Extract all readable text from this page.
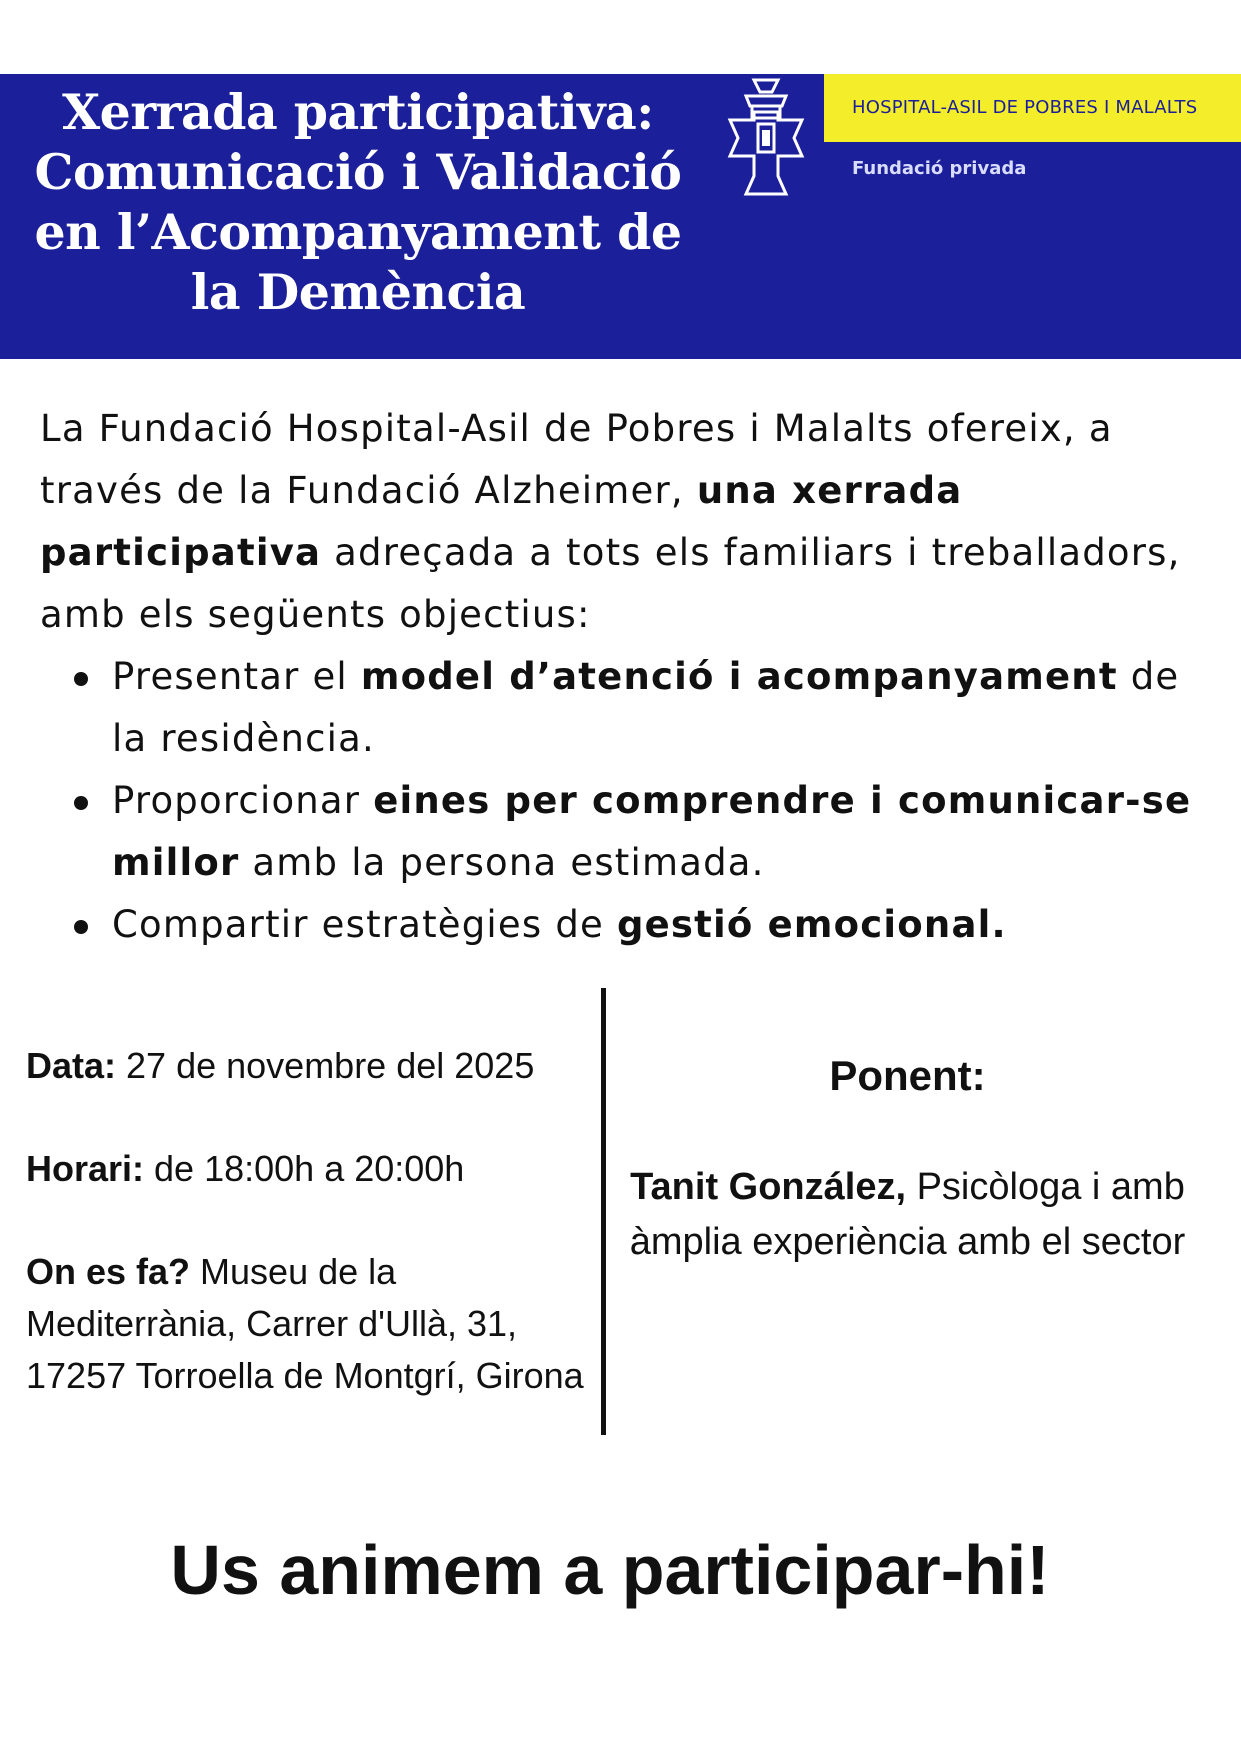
Xerrada participativa:
Comunicació i Validació
en l’Acompanyament de
la Demència
HOSPITAL-ASIL DE POBRES I MALALTS
Fundació privada

La Fundació Hospital-Asil de Pobres i Malalts ofereix, a través de la Fundació Alzheimer, una xerrada participativa adreçada a tots els familiars i treballadors, amb els següents objectius:

Presentar el model d’atenció i acompanyament de la residència.
Proporcionar eines per comprendre i comunicar-se millor amb la persona estimada.
Compartir estratègies de gestió emocional.
Data: 27 de novembre del 2025
Horari: de 18:00h a 20:00h
On es fa? Museu de la Mediterrània, Carrer d'Ullà, 31, 17257 Torroella de Montgrí, Girona
Ponent:
Tanit González, Psicòloga i amb àmplia experiència amb el sector
Us animem a participar-hi!
